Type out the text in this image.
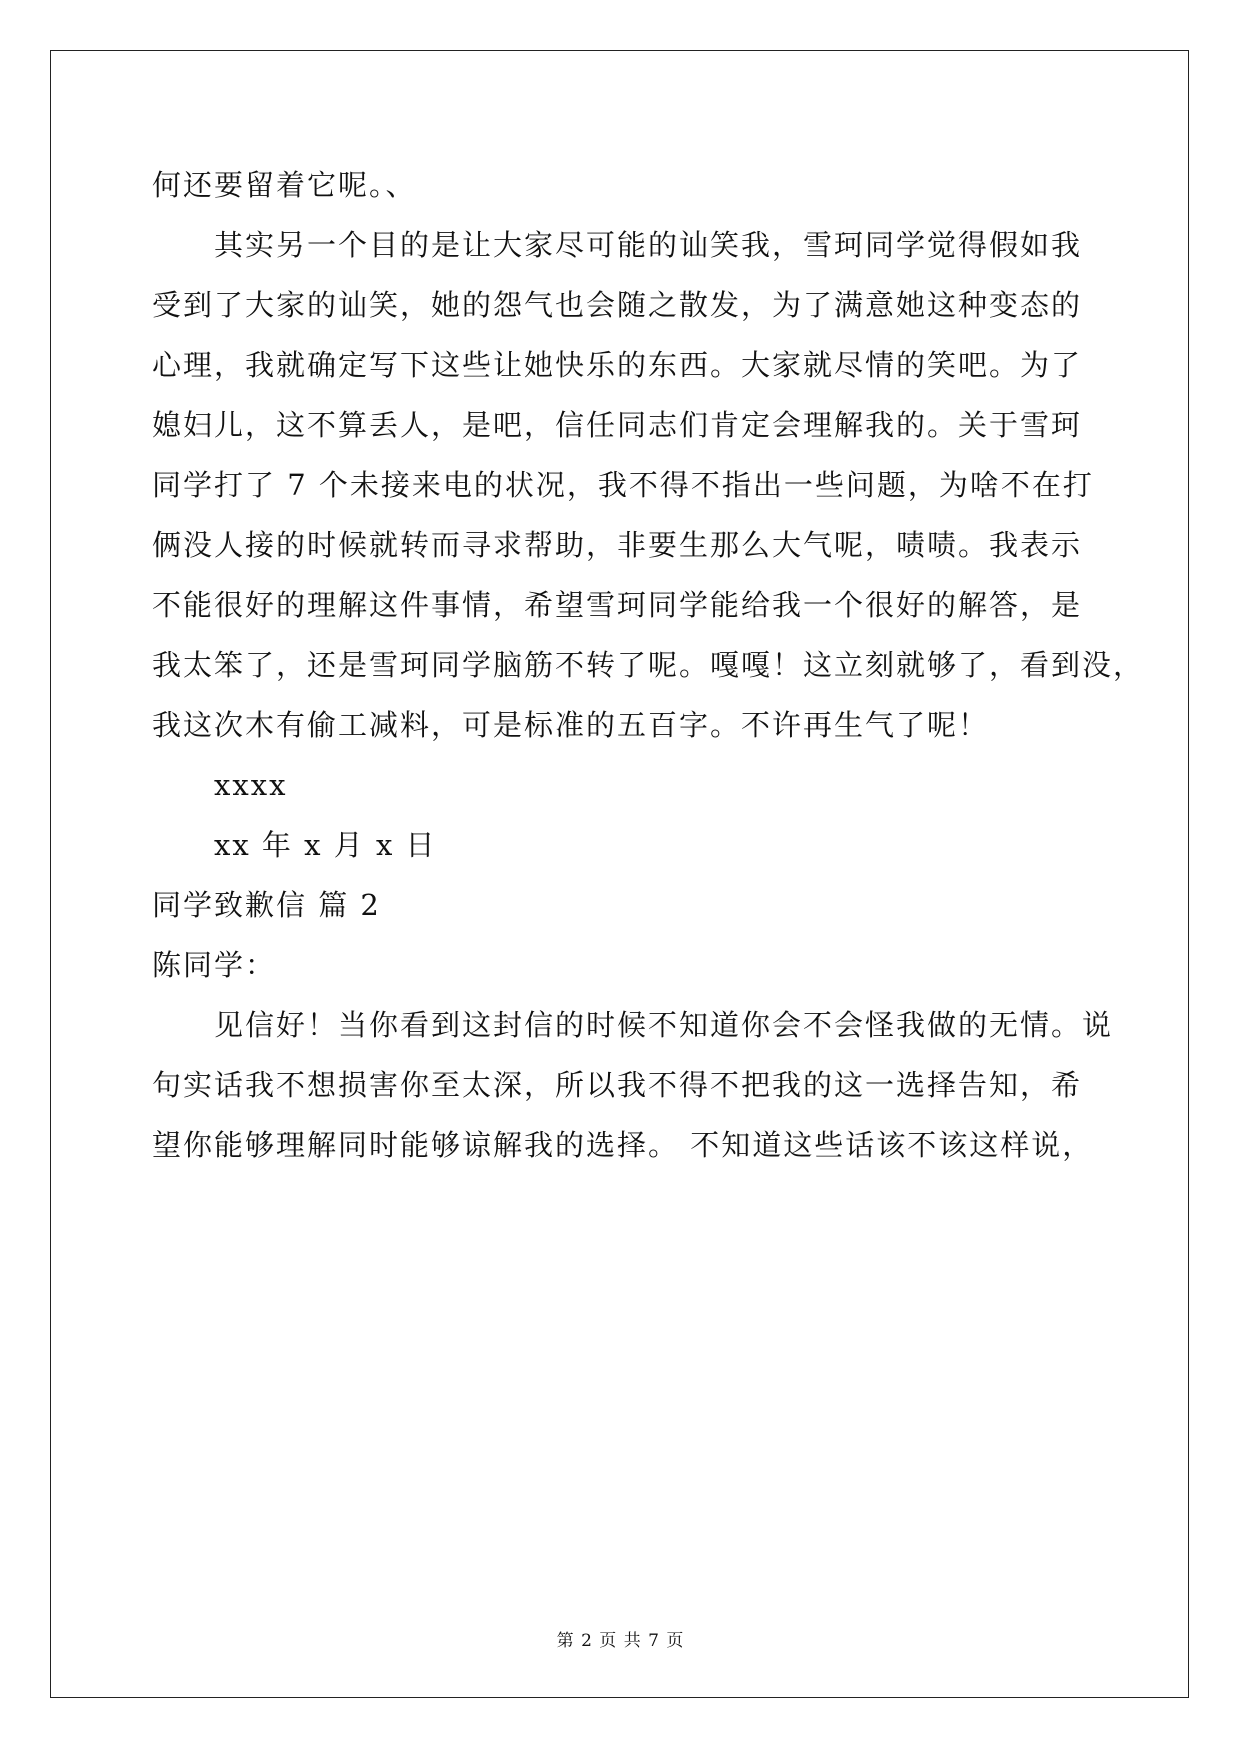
何还要留着它呢。、
其实另一个目的是让大家尽可能的讪笑我，雪珂同学觉得假如我
受到了大家的讪笑，她的怨气也会随之散发，为了满意她这种变态的
心理，我就确定写下这些让她快乐的东西。大家就尽情的笑吧。为了
媳妇儿，这不算丢人，是吧，信任同志们肯定会理解我的。关于雪珂
同学打了 7 个未接来电的状况，我不得不指出一些问题，为啥不在打
俩没人接的时候就转而寻求帮助，非要生那么大气呢，啧啧。我表示
不能很好的理解这件事情，希望雪珂同学能给我一个很好的解答，是
我太笨了，还是雪珂同学脑筋不转了呢。嘎嘎！这立刻就够了，看到没，
我这次木有偷工减料，可是标准的五百字。不许再生气了呢！
xxxx
xx 年 x 月 x 日
同学致歉信 篇 2
陈同学：
见信好！当你看到这封信的时候不知道你会不会怪我做的无情。说
句实话我不想损害你至太深，所以我不得不把我的这一选择告知，希
望你能够理解同时能够谅解我的选择。 不知道这些话该不该这样说，
第 2 页 共 7 页
